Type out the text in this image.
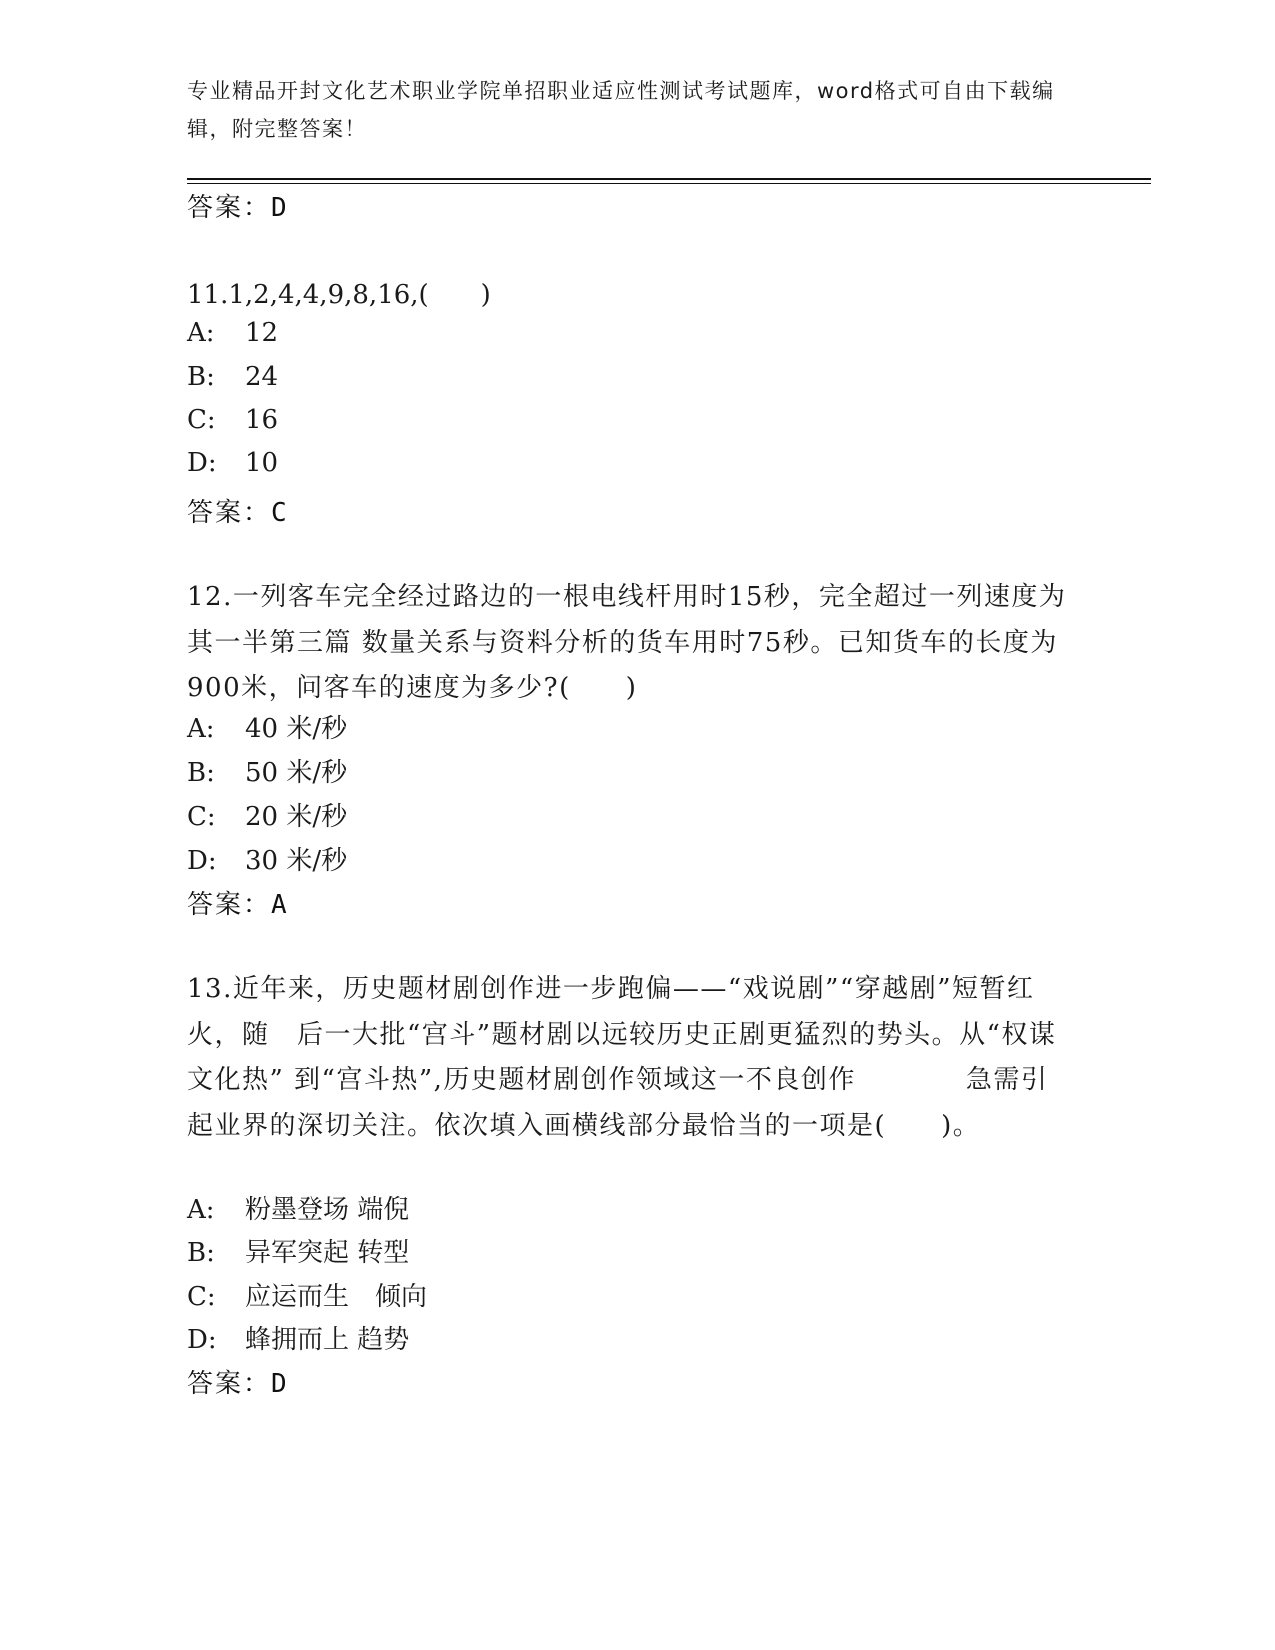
专业精品开封文化艺术职业学院单招职业适应性测试考试题库，word格式可自由下载编辑，附完整答案！
答案：D
11.1,2,4,4,9,8,16,(　　)
A: 12
B: 24
C: 16
D: 10
答案：C
12.一列客车完全经过路边的一根电线杆用时15秒，完全超过一列速度为其一半第三篇 数量关系与资料分析的货车用时75秒。已知货车的长度为900米，问客车的速度为多少?(　　)
A: 40 米/秒
B: 50 米/秒
C: 20 米/秒
D: 30 米/秒
答案：A
13.近年来，历史题材剧创作进一步跑偏——“戏说剧”“穿越剧”短暂红火，随　后一大批“宫斗”题材剧以远较历史正剧更猛烈的势头。从“权谋文化热” 到“宫斗热”,历史题材剧创作领域这一不良创作　　　　急需引起业界的深切关注。依次填入画横线部分最恰当的一项是(　　)。
A: 粉墨登场 端倪
B: 异军突起 转型
C: 应运而生　倾向
D: 蜂拥而上 趋势
答案：D
